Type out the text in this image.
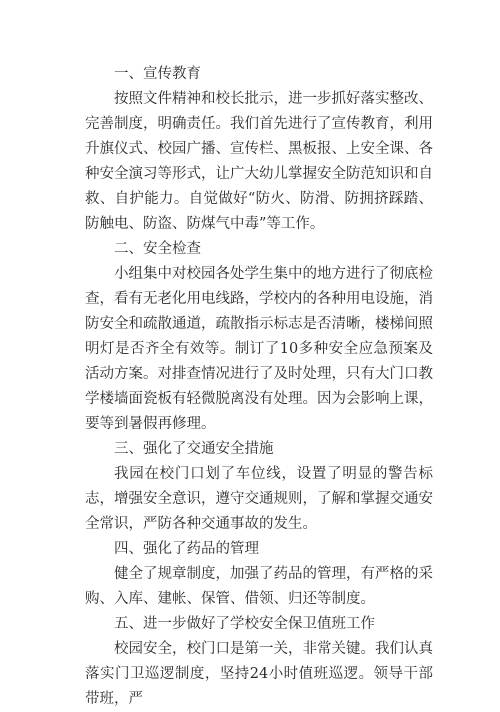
一、宣传教育

按照文件精神和校长批示，进一步抓好落实整改、完善制度，明确责任。我们首先进行了宣传教育，利用升旗仪式、校园广播、宣传栏、黑板报、上安全课、各种安全演习等形式，让广大幼儿掌握安全防范知识和自救、自护能力。自觉做好“防火、防滑、防拥挤踩踏、防触电、防盗、防煤气中毒”等工作。

二、安全检查

小组集中对校园各处学生集中的地方进行了彻底检查，看有无老化用电线路，学校内的各种用电设施，消防安全和疏散通道，疏散指示标志是否清晰，楼梯间照明灯是否齐全有效等。制订了10多种安全应急预案及活动方案。对排查情况进行了及时处理，只有大门口教学楼墙面瓷板有轻微脱离没有处理。因为会影响上课，要等到暑假再修理。

三、强化了交通安全措施

我园在校门口划了车位线，设置了明显的警告标志，增强安全意识，遵守交通规则，了解和掌握交通安全常识，严防各种交通事故的发生。

四、强化了药品的管理

健全了规章制度，加强了药品的管理，有严格的采购、入库、建帐、保管、借领、归还等制度。

五、进一步做好了学校安全保卫值班工作

校园安全，校门口是第一关，非常关键。我们认真落实门卫巡逻制度，坚持24小时值班巡逻。领导干部带班，严
